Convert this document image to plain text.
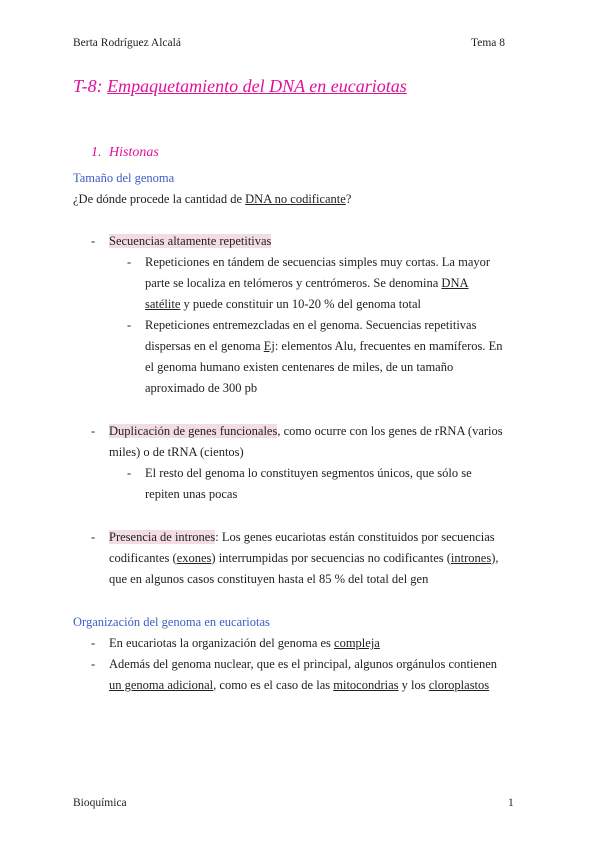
Berta Rodríguez Alcalá	Tema 8
T-8: Empaquetamiento del DNA en eucariotas
1. Histonas
Tamaño del genoma
¿De dónde procede la cantidad de DNA no codificante?
- Secuencias altamente repetitivas
- Repeticiones en tándem de secuencias simples muy cortas. La mayor
parte se localiza en telómeros y centrómeros. Se denomina DNA
satélite y puede constituir un 10-20 % del genoma total
- Repeticiones entremezcladas en el genoma. Secuencias repetitivas
dispersas en el genoma Ej: elementos Alu, frecuentes en mamíferos. En
el genoma humano existen centenares de miles, de un tamaño
aproximado de 300 pb
- Duplicación de genes funcionales, como ocurre con los genes de rRNA (varios
miles) o de tRNA (cientos)
- El resto del genoma lo constituyen segmentos únicos, que sólo se
repiten unas pocas
- Presencia de intrones: Los genes eucariotas están constituidos por secuencias
codificantes (exones) interrumpidas por secuencias no codificantes (intrones),
que en algunos casos constituyen hasta el 85 % del total del gen
Organización del genoma en eucariotas
- En eucariotas la organización del genoma es compleja
- Además del genoma nuclear, que es el principal, algunos orgánulos contienen
un genoma adicional, como es el caso de las mitocondrias y los cloroplastos
Bioquímica	1
